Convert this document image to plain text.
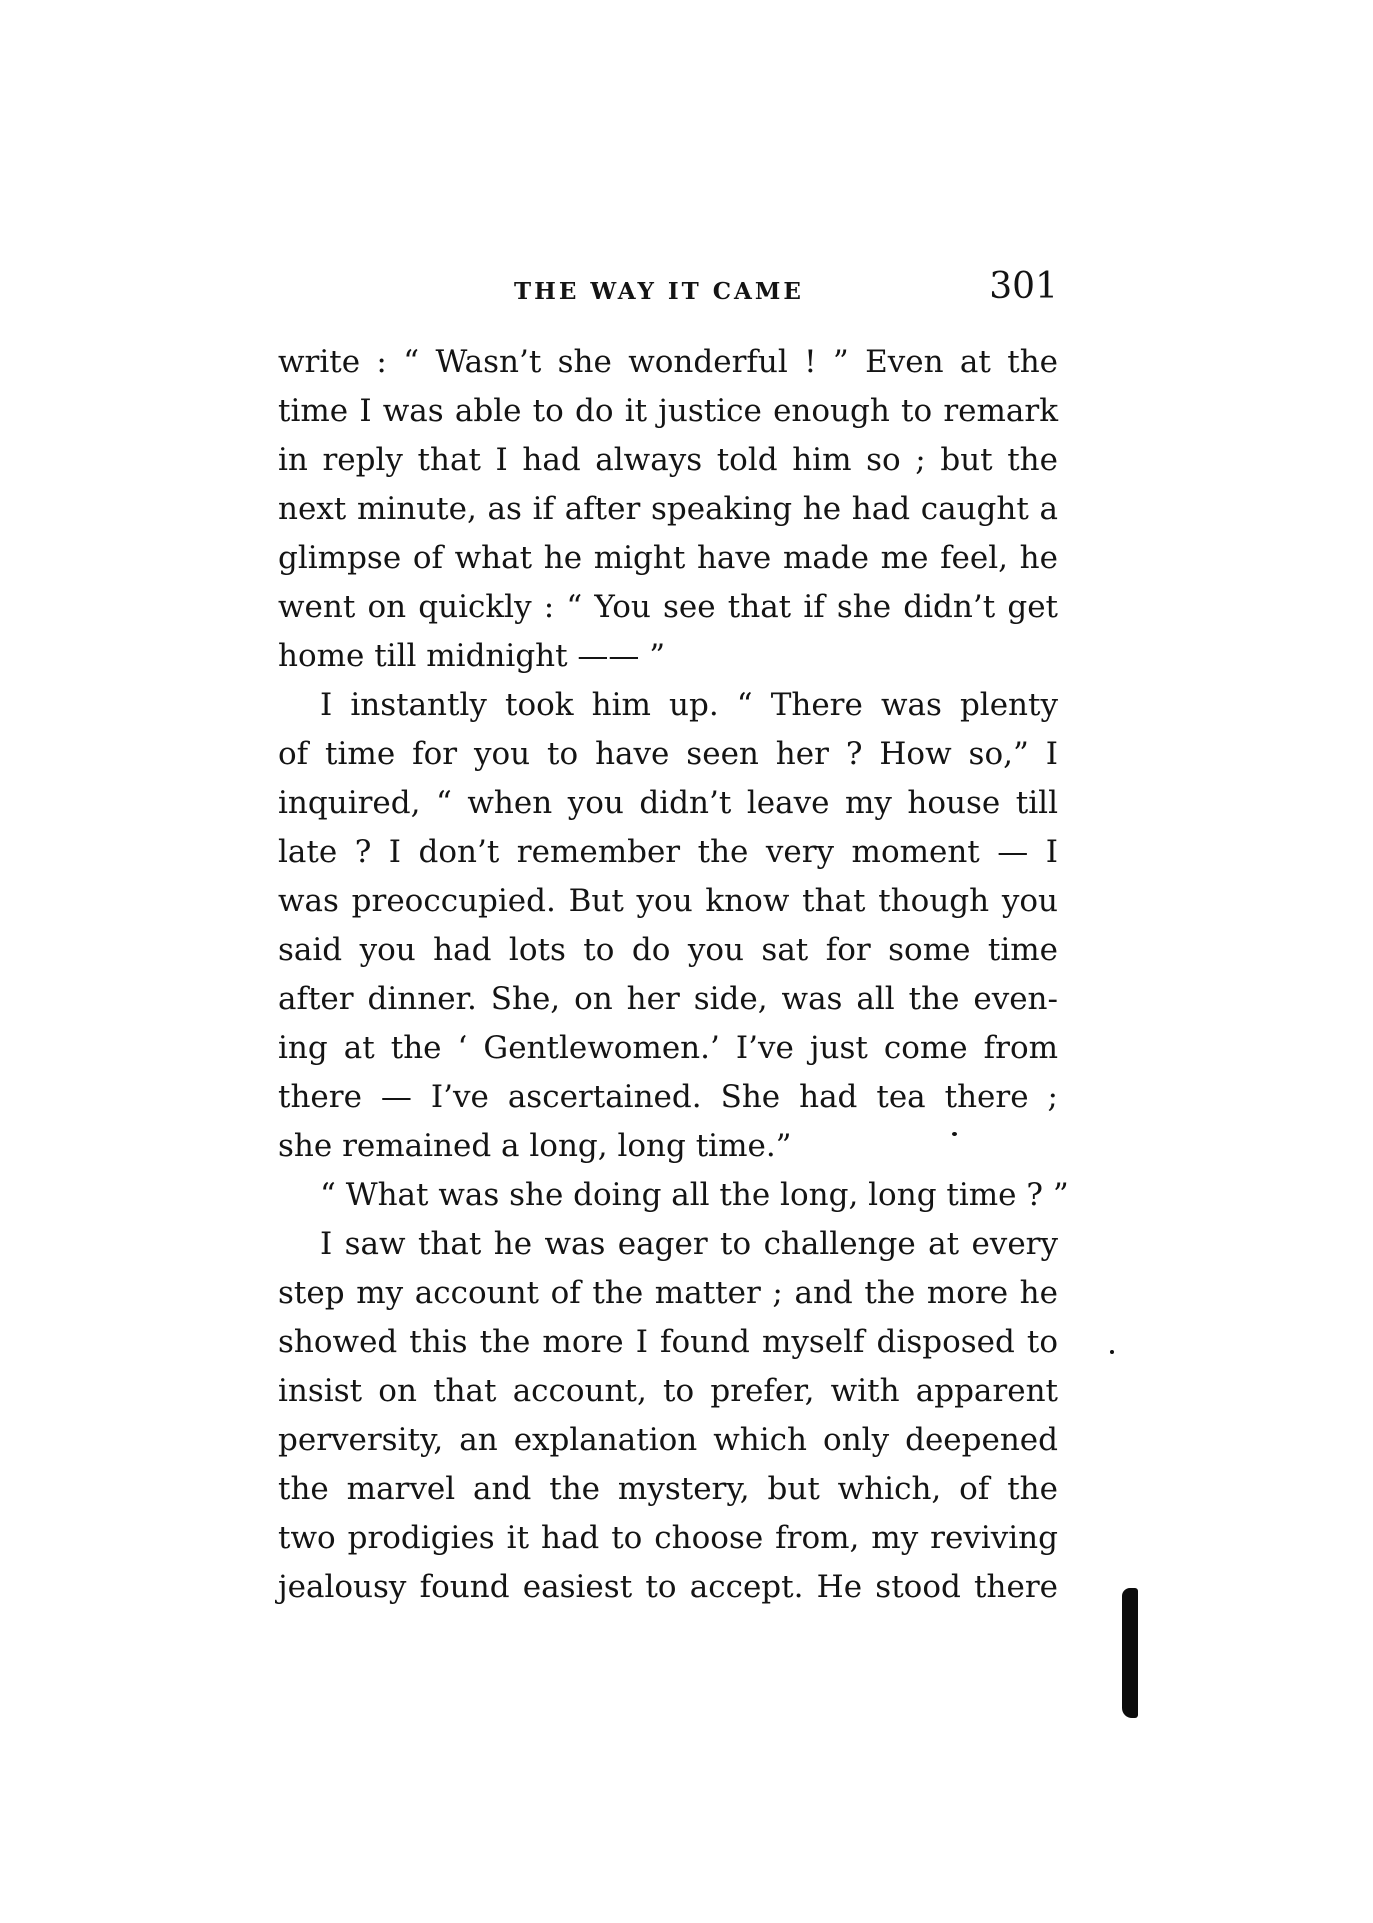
THE WAY IT CAME	301
write : “ Wasn’t she wonderful ! ” Even at the
time I was able to do it justice enough to remark
in reply that I had always told him so ; but the
next minute, as if after speaking he had caught a
glimpse of what he might have made me feel, he
went on quickly : “ You see that if she didn’t get
home till midnight —— ”
I instantly took him up. “ There was plenty
of time for you to have seen her ? How so,” I
inquired, “ when you didn’t leave my house till
late ? I don’t remember the very moment — I
was preoccupied. But you know that though you
said you had lots to do you sat for some time
after dinner. She, on her side, was all the even-
ing at the ‘ Gentlewomen.’ I’ve just come from
there — I’ve ascertained. She had tea there ;
she remained a long, long time.”
“ What was she doing all the long, long time ? ”
I saw that he was eager to challenge at every
step my account of the matter ; and the more he
showed this the more I found myself disposed to
insist on that account, to prefer, with apparent
perversity, an explanation which only deepened
the marvel and the mystery, but which, of the
two prodigies it had to choose from, my reviving
jealousy found easiest to accept. He stood there
